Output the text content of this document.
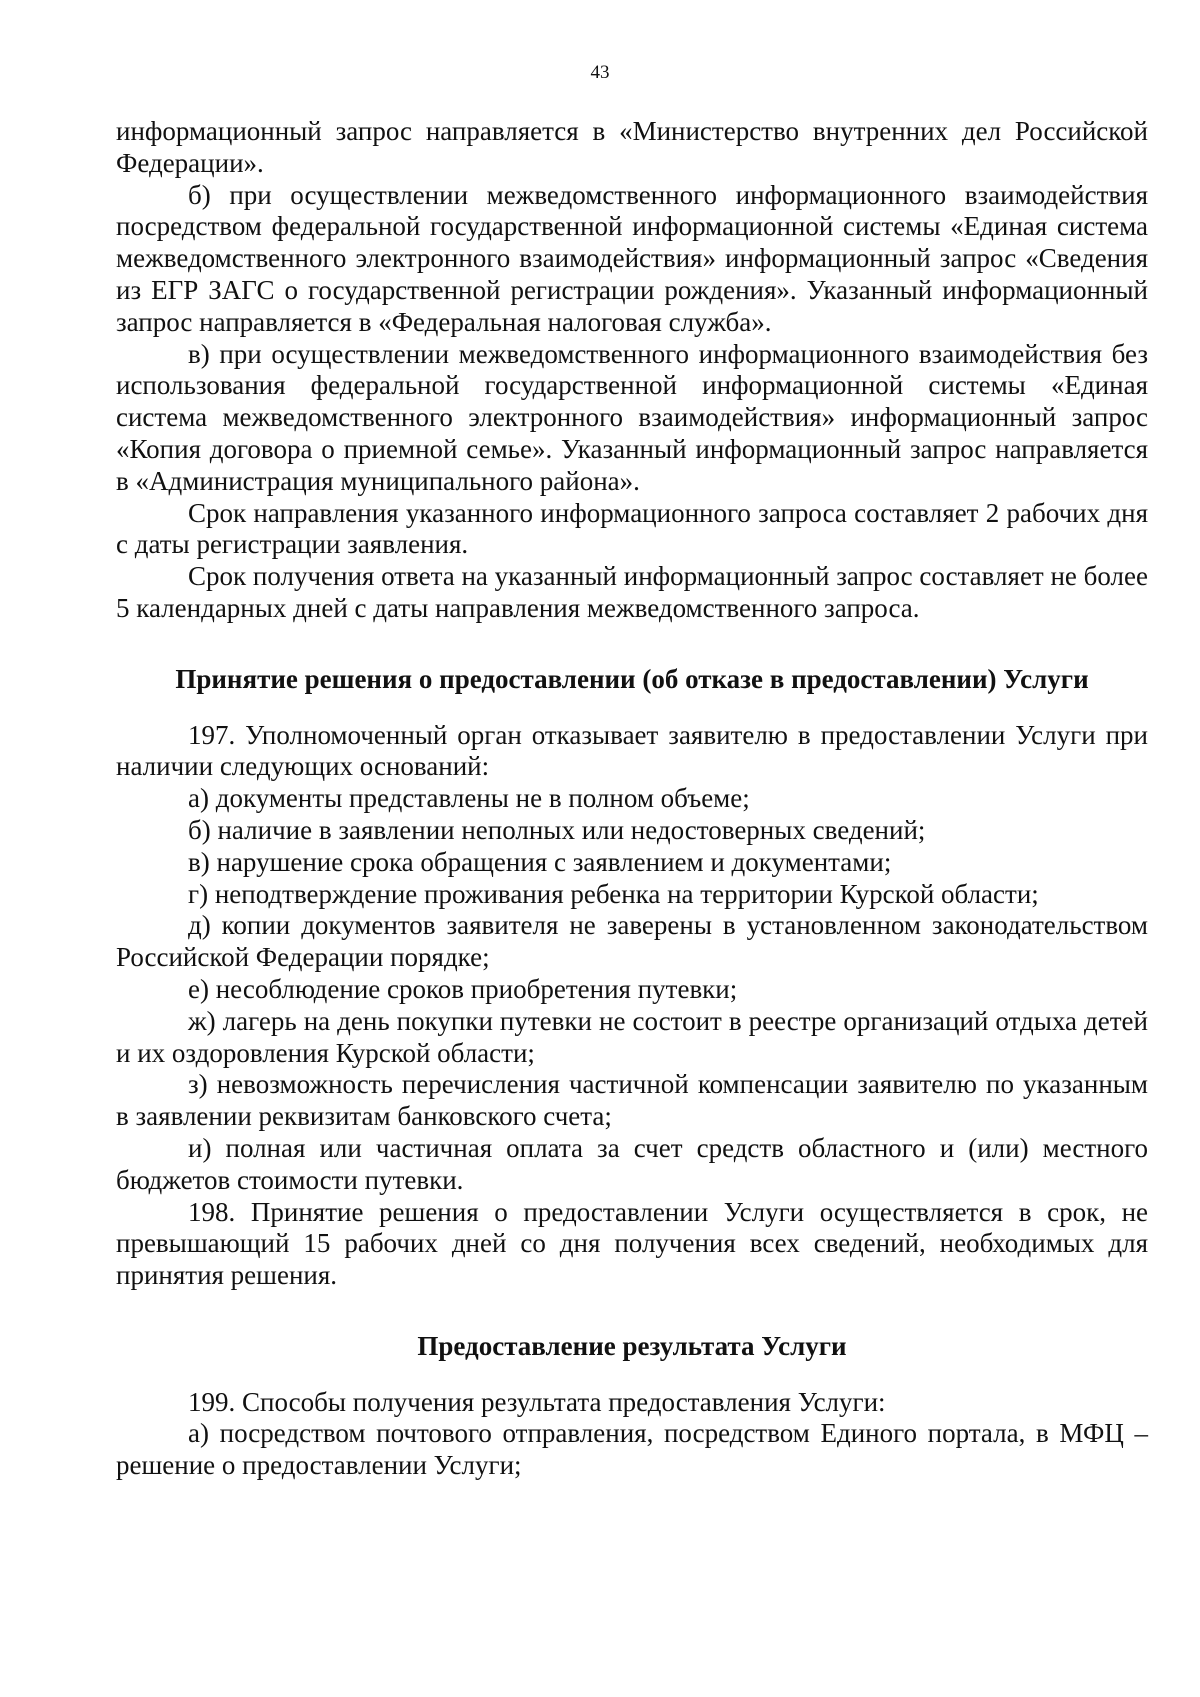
43

информационный запрос направляется в «Министерство внутренних дел Российской Федерации».

б) при осуществлении межведомственного информационного взаимодействия посредством федеральной государственной информационной системы «Единая система межведомственного электронного взаимодействия» информационный запрос «Сведения из ЕГР ЗАГС о государственной регистрации рождения». Указанный информационный запрос направляется в «Федеральная налоговая служба».

в) при осуществлении межведомственного информационного взаимодействия без использования федеральной государственной информационной системы «Единая система межведомственного электронного взаимодействия» информационный запрос «Копия договора о приемной семье». Указанный информационный запрос направляется в «Администрация муниципального района».

Срок направления указанного информационного запроса составляет 2 рабочих дня с даты регистрации заявления.

Срок получения ответа на указанный информационный запрос составляет не более 5 календарных дней с даты направления межведомственного запроса.

Принятие решения о предоставлении (об отказе в предоставлении) Услуги

197. Уполномоченный орган отказывает заявителю в предоставлении Услуги при наличии следующих оснований:

а) документы представлены не в полном объеме;

б) наличие в заявлении неполных или недостоверных сведений;

в) нарушение срока обращения с заявлением и документами;

г) неподтверждение проживания ребенка на территории Курской области;

д) копии документов заявителя не заверены в установленном законодательством Российской Федерации порядке;

е) несоблюдение сроков приобретения путевки;

ж) лагерь на день покупки путевки не состоит в реестре организаций отдыха детей и их оздоровления Курской области;

з) невозможность перечисления частичной компенсации заявителю по указанным в заявлении реквизитам банковского счета;

и) полная или частичная оплата за счет средств областного и (или) местного бюджетов стоимости путевки.

198. Принятие решения о предоставлении Услуги осуществляется в срок, не превышающий 15 рабочих дней со дня получения всех сведений, необходимых для принятия решения.

Предоставление результата Услуги

199. Способы получения результата предоставления Услуги:

а) посредством почтового отправления, посредством Единого портала, в МФЦ – решение о предоставлении Услуги;
